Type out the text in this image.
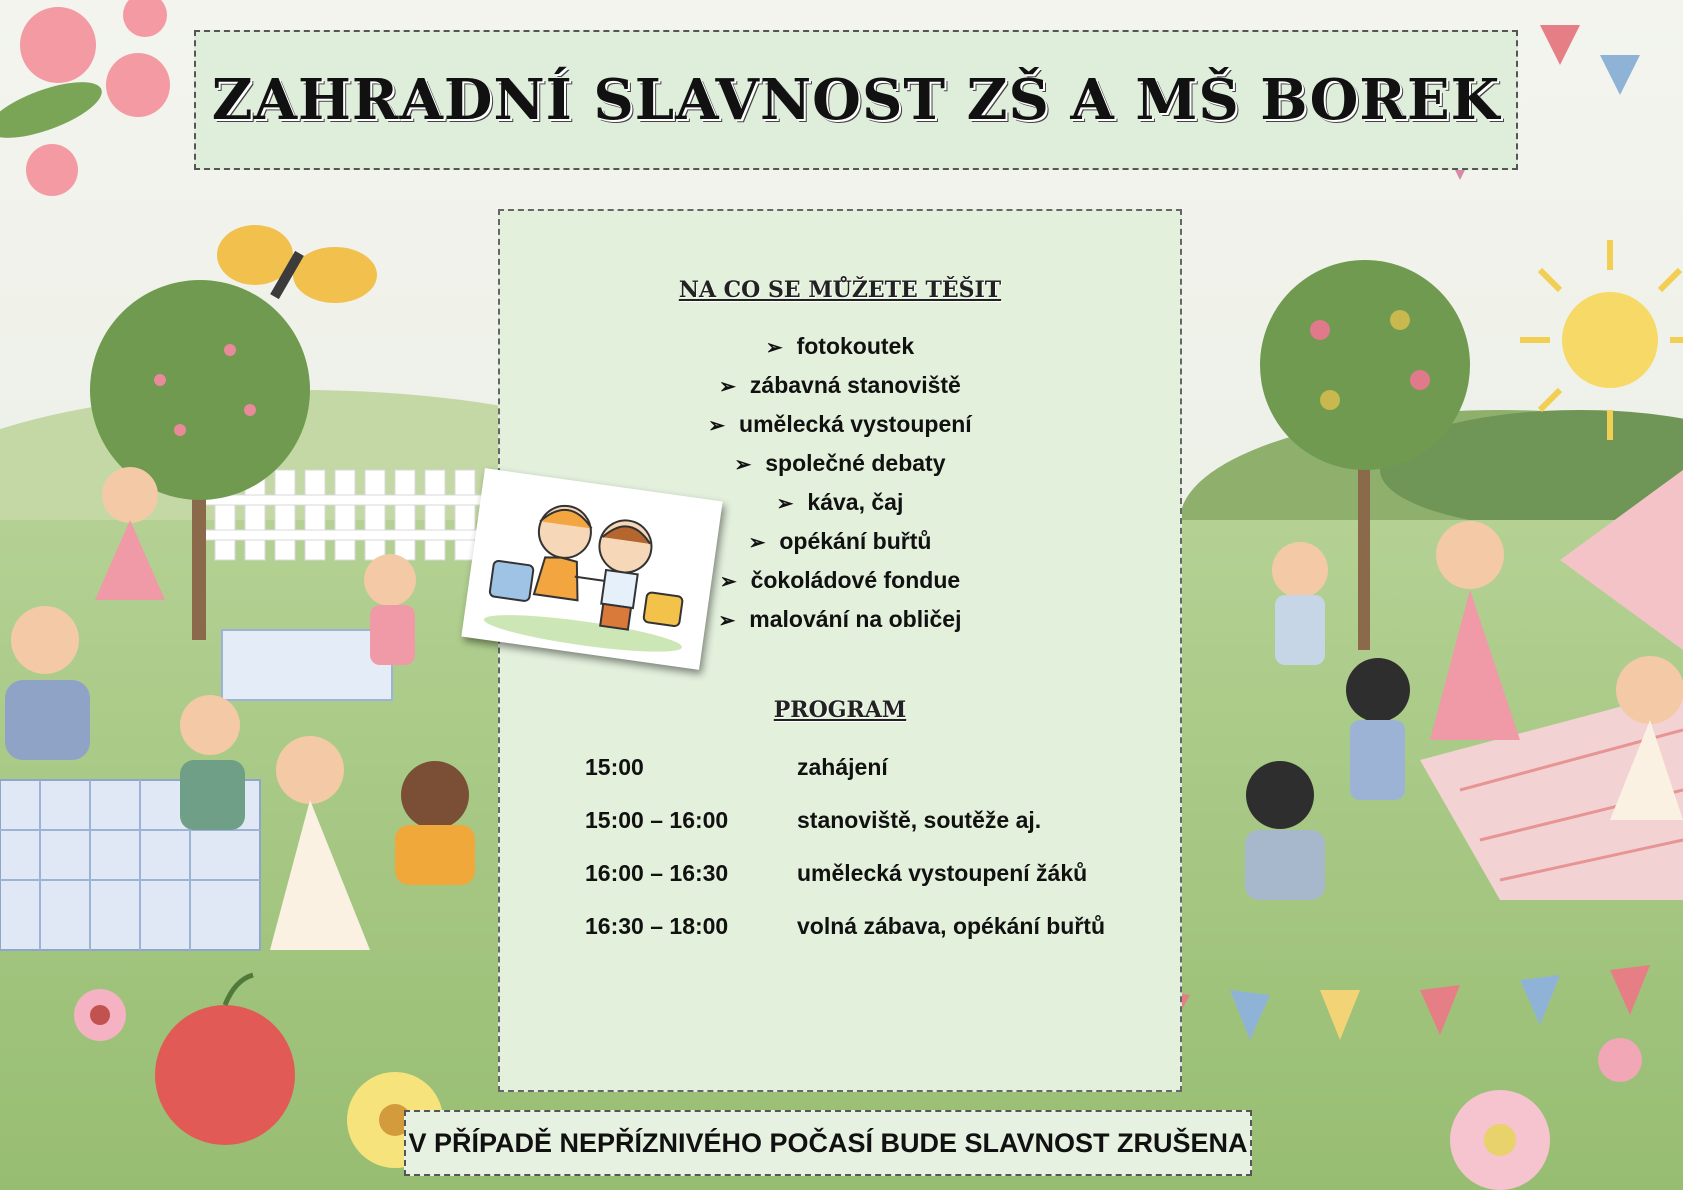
ZAHRADNÍ SLAVNOST ZŠ A MŠ BOREK
NA CO SE MŮŽETE TĚŠIT
➢ fotokoutek
➢ zábavná stanoviště
➢ umělecká vystoupení
➢ společné debaty
➢ káva, čaj
➢ opékání buřtů
➢ čokoládové fondue
➢ malování na obličej
PROGRAM
15:00	zahájení
15:00 – 16:00	stanoviště, soutěže aj.
16:00 – 16:30	umělecká vystoupení žáků
16:30 – 18:00	volná zábava, opékání buřtů
V PŘÍPADĚ NEPŘÍZNIVÉHO POČASÍ BUDE SLAVNOST ZRUŠENA
